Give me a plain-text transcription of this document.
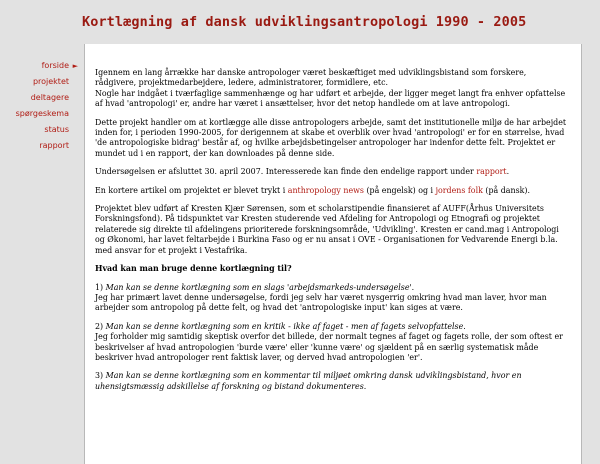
Kortlægning af dansk udviklingsantropologi 1990 - 2005
forside ►
projektet
deltagere
spørgeskema
status
rapport

Igennem en lang årrække har danske antropologer været beskæftiget med udviklingsbistand som forskere, rådgivere, projektmedarbejdere, ledere, administratorer, formidlere, etc.
Nogle har indgået i tværfaglige sammenhænge og har udført et arbejde, der ligger meget langt fra enhver opfattelse af hvad 'antropologi' er, andre har været i ansættelser, hvor det netop handlede om at lave antropologi.

Dette projekt handler om at kortlægge alle disse antropologers arbejde, samt det institutionelle miljø de har arbejdet inden for, i perioden 1990-2005, for derigennem at skabe et overblik over hvad 'antropologi' er for en størrelse, hvad 'de antropologiske bidrag' består af, og hvilke arbejdsbetingelser antropologer har indenfor dette felt. Projektet er mundet ud i en rapport, der kan downloades på denne side.

Undersøgelsen er afsluttet 30. april 2007. Interesserede kan finde den endelige rapport under rapport.

En kortere artikel om projektet er blevet trykt i anthropology news (på engelsk) og i jordens folk (på dansk).

Projektet blev udført af Kresten Kjær Sørensen, som et scholarstipendie finansieret af AUFF(Århus Universitets Forskningsfond). På tidspunktet var Kresten studerende ved Afdeling for Antropologi og Etnografi og projektet relaterede sig direkte til afdelingens prioriterede forskningsområde, 'Udvikling'. Kresten er cand.mag i Antropologi og Økonomi, har lavet feltarbejde i Burkina Faso og er nu ansat i OVE - Organisationen for Vedvarende Energi b.la. med ansvar for et projekt i Vestafrika.

Hvad kan man bruge denne kortlægning til?

1) Man kan se denne kortlægning som en slags 'arbejdsmarkeds-undersøgelse'.
Jeg har primært lavet denne undersøgelse, fordi jeg selv har været nysgerrig omkring hvad man laver, hvor man arbejder som antropolog på dette felt, og hvad det 'antropologiske input' kan siges at være.

2) Man kan se denne kortlægning som en kritik - ikke af faget - men af fagets selvopfattelse.
Jeg forholder mig samtidig skeptisk overfor det billede, der normalt tegnes af faget og fagets rolle, der som oftest er beskrivelser af hvad antropologien 'burde være' eller 'kunne være' og sjældent på en særlig systematisk måde beskriver hvad antropologer rent faktisk laver, og derved hvad antropologien 'er'.

3) Man kan se denne kortlægning som en kommentar til miljøet omkring dansk udviklingsbistand, hvor en uhensigtsmæssig adskillelse af forskning og bistand dokumenteres.
